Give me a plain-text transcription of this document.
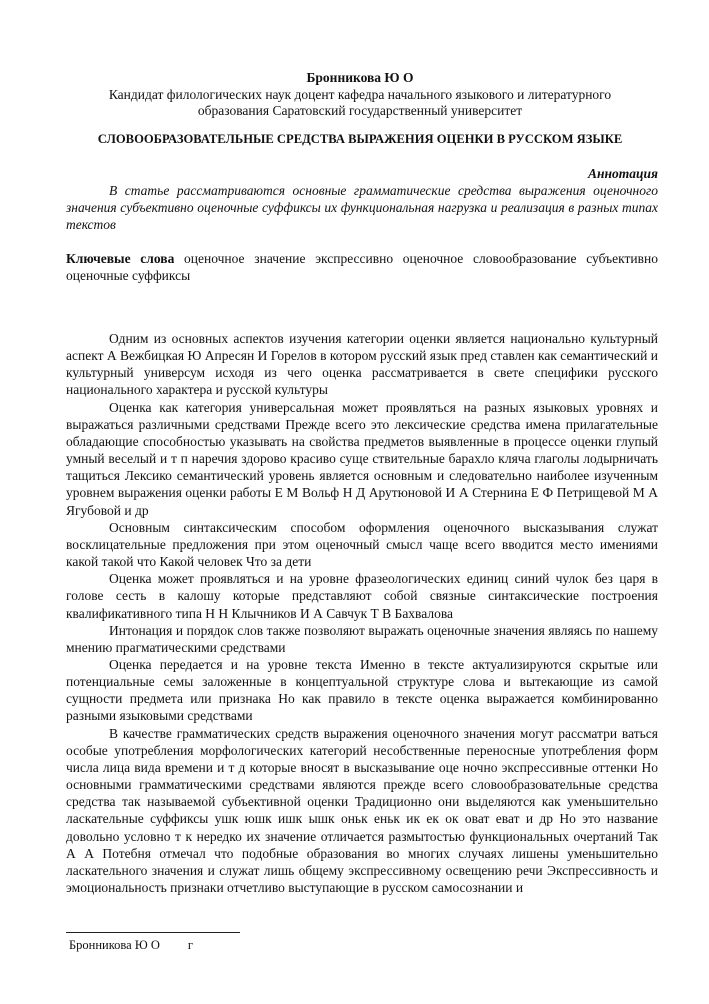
Бронникова Ю О
Кандидат филологических наук доцент кафедра начального языкового и литературного
образования Саратовский государственный университет
СЛОВООБРАЗОВАТЕЛЬНЫЕ СРЕДСТВА ВЫРАЖЕНИЯ ОЦЕНКИ В РУССКОМ ЯЗЫКЕ
Аннотация

В статье рассматриваются основные грамматические средства выражения оценочного значения субъективно оценочные суффиксы их функциональная нагрузка и реализация в разных типах текстов

Ключевые слова оценочное значение экспрессивно оценочное словообразование субъективно оценочные суффиксы

Одним из основных аспектов изучения категории оценки является национально культурный аспект А Вежбицкая Ю Апресян И Горелов в котором русский язык пред ставлен как семантический и культурный универсум исходя из чего оценка рассматривается в свете специфики русского национального характера и русской культуры

Оценка как категория универсальная может проявляться на разных языковых уровнях и выражаться различными средствами Прежде всего это лексические средства имена прилагательные обладающие способностью указывать на свойства предметов выявленные в процессе оценки глупый умный веселый и т п наречия здорово красиво суще ствительные барахло кляча глаголы лодырничать тащиться Лексико семантический уровень является основным и следовательно наиболее изученным уровнем выражения оценки работы Е М Вольф Н Д Арутюновой И А Стернина Е Ф Петрищевой М А Ягубовой и др

Основным синтаксическим способом оформления оценочного высказывания служат восклицательные предложения при этом оценочный смысл чаще всего вводится место имениями какой такой что Какой человек Что за дети

Оценка может проявляться и на уровне фразеологических единиц синий чулок без царя в голове сесть в калошу которые представляют собой связные синтаксические построения квалификативного типа Н Н Клычников И А Савчук Т В Бахвалова

Интонация и порядок слов также позволяют выражать оценочные значения являясь по нашему мнению прагматическими средствами

Оценка передается и на уровне текста Именно в тексте актуализируются скрытые или потенциальные семы заложенные в концептуальной структуре слова и вытекающие из самой сущности предмета или признака Но как правило в тексте оценка выражается комбинированно разными языковыми средствами

В качестве грамматических средств выражения оценочного значения могут рассматри ваться особые употребления морфологических категорий несобственные переносные употребления форм числа лица вида времени и т д которые вносят в высказывание оце ночно экспрессивные оттенки Но основными грамматическими средствами являются прежде всего словообразовательные средства средства так называемой субъективной оценки Традиционно они выделяются как уменьшительно ласкательные суффиксы ушк юшк ишк ышк оньк еньк ик ек ок оват еват и др Но это название довольно условно т к нередко их значение отличается размытостью функциональных очертаний Так А А Потебня отмечал что подобные образования во многих случаях лишены уменьшительно ласкательного значения и служат лишь общему экспрессивному освещению речи Экспрессивность и эмоциональность признаки отчетливо выступающие в русском самосознании и

Бронникова Ю О г
